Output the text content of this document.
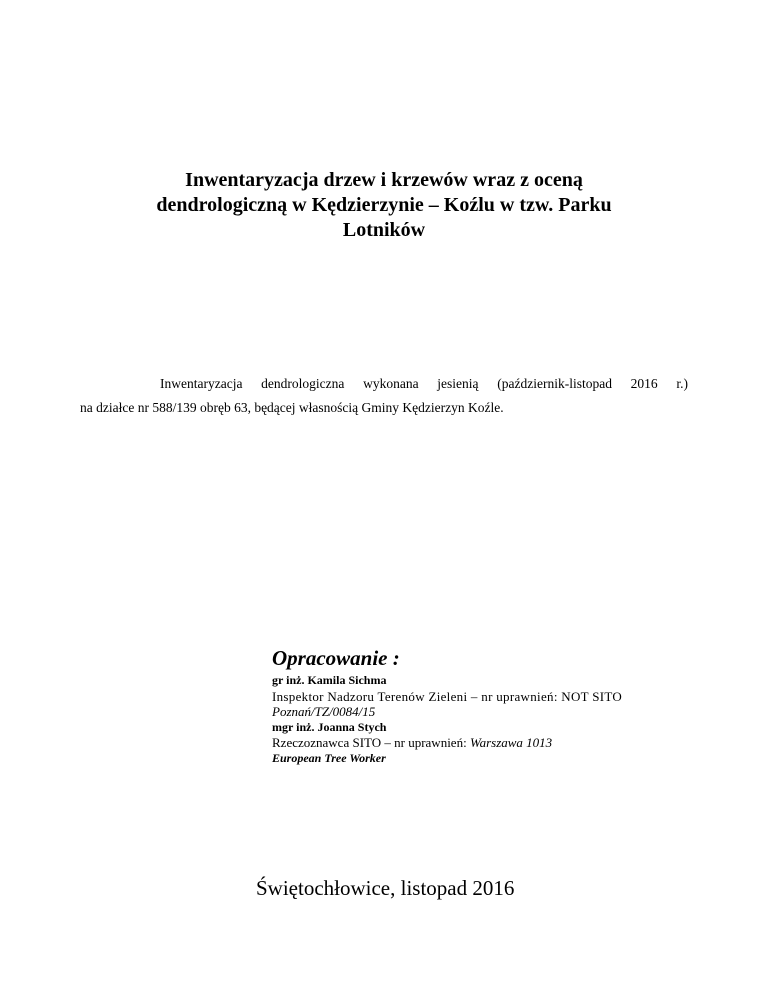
Inwentaryzacja drzew i krzewów wraz z oceną
dendrologiczną w Kędzierzynie – Koźlu w tzw. Parku
Lotników
Inwentaryzacja dendrologiczna wykonana jesienią (październik-listopad 2016 r.)
na działce nr 588/139 obręb 63, będącej własnością Gminy Kędzierzyn Koźle.
Opracowanie :
gr inż. Kamila Sichma
Inspektor Nadzoru Terenów Zieleni – nr uprawnień: NOT SITO
Poznań/TZ/0084/15
mgr inż. Joanna Stych
Rzeczoznawca SITO – nr uprawnień: Warszawa 1013
European Tree Worker
Świętochłowice, listopad 2016
